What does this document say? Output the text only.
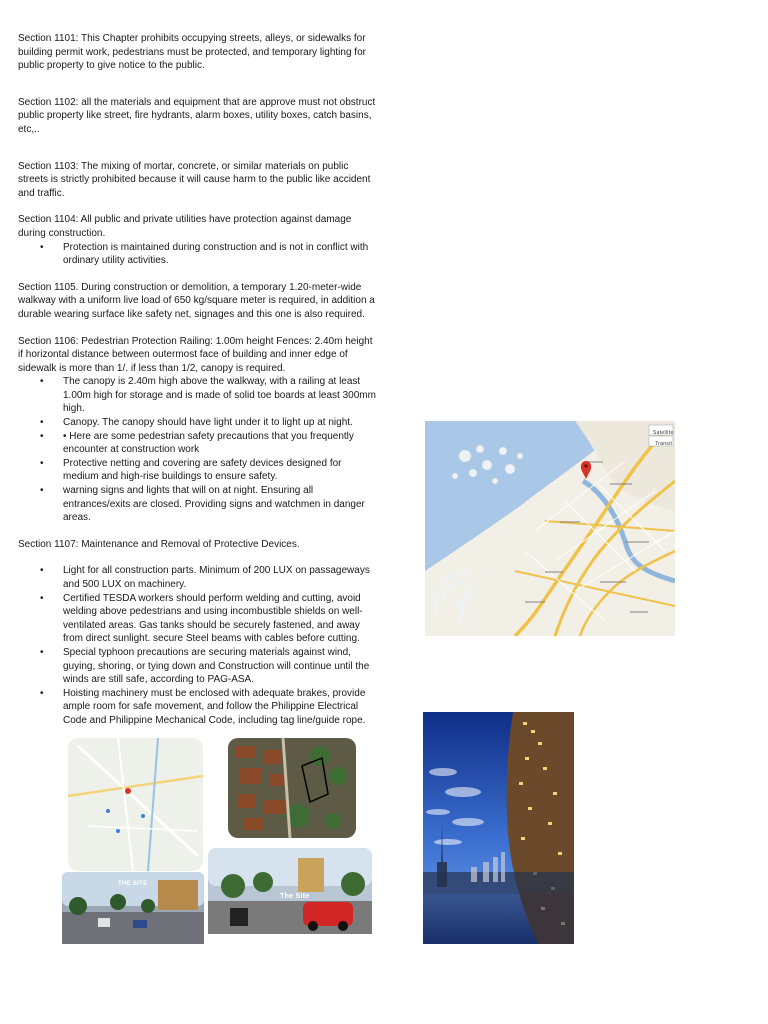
Section 1101: This Chapter prohibits occupying streets, alleys, or sidewalks for building permit work, pedestrians must be protected, and temporary lighting for public property to give notice to the public.

Section 1102: all the materials and equipment that are approve must not obstruct public property like street, fire hydrants, alarm boxes, utility boxes, catch basins, etc,..

Section 1103: The mixing of mortar, concrete, or similar materials on public streets is strictly prohibited because it will cause harm to the public like accident and traffic.

Section 1104: All public and private utilities have protection against damage during construction.

• Protection is maintained during construction and is not in conflict with ordinary utility activities.

Section 1105. During construction or demolition, a temporary 1.20-meter-wide walkway with a uniform live load of 650 kg/square meter is required, in addition a durable wearing surface like safety net, signages and this one is also required.

Section 1106: Pedestrian Protection Railing: 1.00m height Fences: 2.40m height if horizontal distance between outermost face of building and inner edge of sidewalk is more than 1/. if less than 1/2, canopy is required.

• The canopy is 2.40m high above the walkway, with a railing at least 1.00m high for storage and is made of solid toe boards at least 300mm high.
• Canopy. The canopy should have light under it to light up at night.
• • Here are some pedestrian safety precautions that you frequently encounter at construction work
• Protective netting and covering are safety devices designed for medium and high-rise buildings to ensure safety.
• warning signs and lights that will on at night. Ensuring all entrances/exits are closed. Providing signs and watchmen in danger areas.

Section 1107: Maintenance and Removal of Protective Devices.

• Light for all construction parts. Minimum of 200 LUX on passageways and 500 LUX on machinery.
• Certified TESDA workers should perform welding and cutting, avoid welding above pedestrians and using incombustible shields on well-ventilated areas. Gas tanks should be securely fastened, and away from direct sunlight. secure Steel beams with cables before cutting.
• Special typhoon precautions are securing materials against wind, guying, shoring, or tying down and Construction will continue until the winds are still safe, according to PAG-ASA.
• Hoisting machinery must be enclosed with adequate brakes, provide ample room for safe movement, and follow the Philippine Electrical Code and Philippine Mechanical Code, including tag line/guide rope.
Satellite
Transit
THE SITE
The Site
